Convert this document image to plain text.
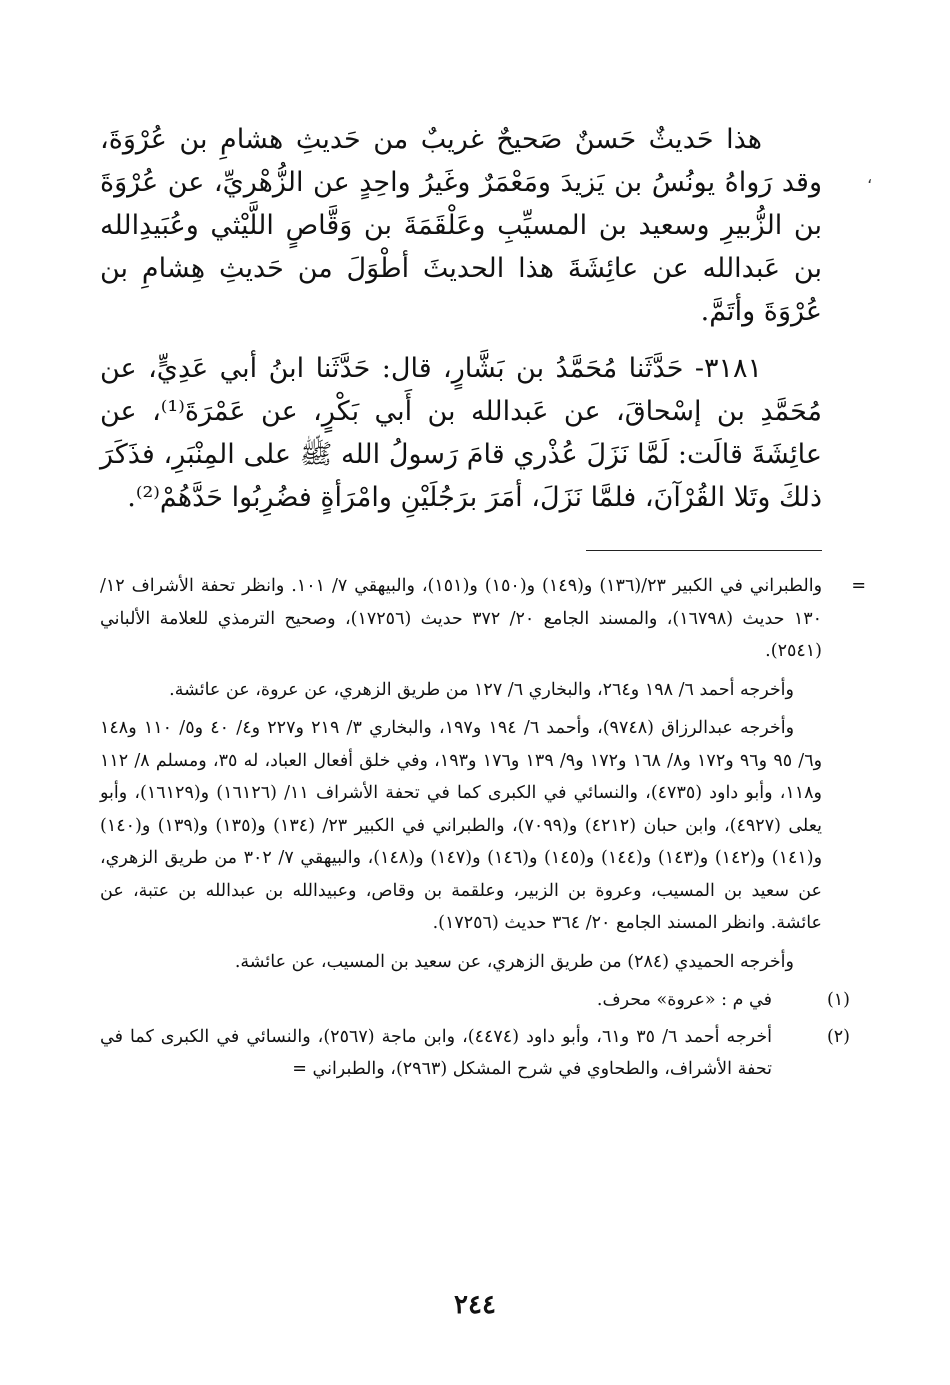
،

هذا حَديثٌ حَسنٌ صَحيحٌ غريبٌ من حَديثِ هشامِ بن عُرْوَةَ، وقد رَواهُ يونُسُ بن يَزيدَ ومَعْمَرٌ وغَيرُ واحِدٍ عن الزُّهْريِّ، عن عُرْوَةَ بن الزُّبيرِ وسعيد بن المسيِّبِ وعَلْقَمَةَ بن وَقَّاصٍ اللَّيْثي وعُبَيدِالله بن عَبدالله عن عائِشَةَ هذا الحديثَ أطْوَلَ من حَديثِ هِشامِ بن عُرْوَةَ وأتَمَّ.

٣١٨١- حَدَّثَنا مُحَمَّدُ بن بَشَّارٍ، قال: حَدَّثَنا ابنُ أبي عَدِيٍّ، عن مُحَمَّدِ بن إسْحاقَ، عن عَبدالله بن أَبي بَكْرٍ، عن عَمْرَةَ⁽¹⁾، عن عائِشَةَ قالَت: لَمَّا نَزَلَ عُذْري قامَ رَسولُ الله ﷺ على المِنْبَرِ، فذَكَرَ ذلكَ وتَلا القُرْآنَ، فلمَّا نَزَلَ، أمَرَ برَجُلَيْنِ وامْرَأةٍ فضُرِبُوا حَدَّهُمْ⁽²⁾.

=
والطبراني في الكبير ٢٣/(١٣٦) و(١٤٩) و(١٥٠) و(١٥١)، والبيهقي ٧/ ١٠١. وانظر تحفة الأشراف ١٢/ ١٣٠ حديث (١٦٧٩٨)، والمسند الجامع ٢٠/ ٣٧٢ حديث (١٧٢٥٦)، وصحيح الترمذي للعلامة الألباني (٢٥٤١).

وأخرجه أحمد ٦/ ١٩٨ و٢٦٤، والبخاري ٦/ ١٢٧ من طريق الزهري، عن عروة، عن عائشة.

وأخرجه عبدالرزاق (٩٧٤٨)، وأحمد ٦/ ١٩٤ و١٩٧، والبخاري ٣/ ٢١٩ و٢٢٧ و٤/ ٤٠ و٥/ ١١٠ و١٤٨ و٦/ ٩٥ و٩٦ و١٧٢ و٨/ ١٦٨ و١٧٢ و٩/ ١٣٩ و١٧٦ و١٩٣، وفي خلق أفعال العباد، له ٣٥، ومسلم ٨/ ١١٢ و١١٨، وأبو داود (٤٧٣٥)، والنسائي في الكبرى كما في تحفة الأشراف ١١/ (١٦١٢٦) و(١٦١٢٩)، وأبو يعلى (٤٩٢٧)، وابن حبان (٤٢١٢) و(٧٠٩٩)، والطبراني في الكبير ٢٣/ (١٣٤) و(١٣٥) و(١٣٩) و(١٤٠) و(١٤١) و(١٤٢) و(١٤٣) و(١٤٤) و(١٤٥) و(١٤٦) و(١٤٧) و(١٤٨)، والبيهقي ٧/ ٣٠٢ من طريق الزهري، عن سعيد بن المسيب، وعروة بن الزبير، وعلقمة بن وقاص، وعبيدالله بن عبدالله بن عتبة، عن عائشة. وانظر المسند الجامع ٢٠/ ٣٦٤ حديث (١٧٢٥٦).

وأخرجه الحميدي (٢٨٤) من طريق الزهري، عن سعيد بن المسيب، عن عائشة.

(١)
في م : «عروة» محرف.

(٢)
أخرجه أحمد ٦/ ٣٥ و٦١، وأبو داود (٤٤٧٤)، وابن ماجة (٢٥٦٧)، والنسائي في الكبرى كما في تحفة الأشراف، والطحاوي في شرح المشكل (٢٩٦٣)، والطبراني =

٢٤٤
